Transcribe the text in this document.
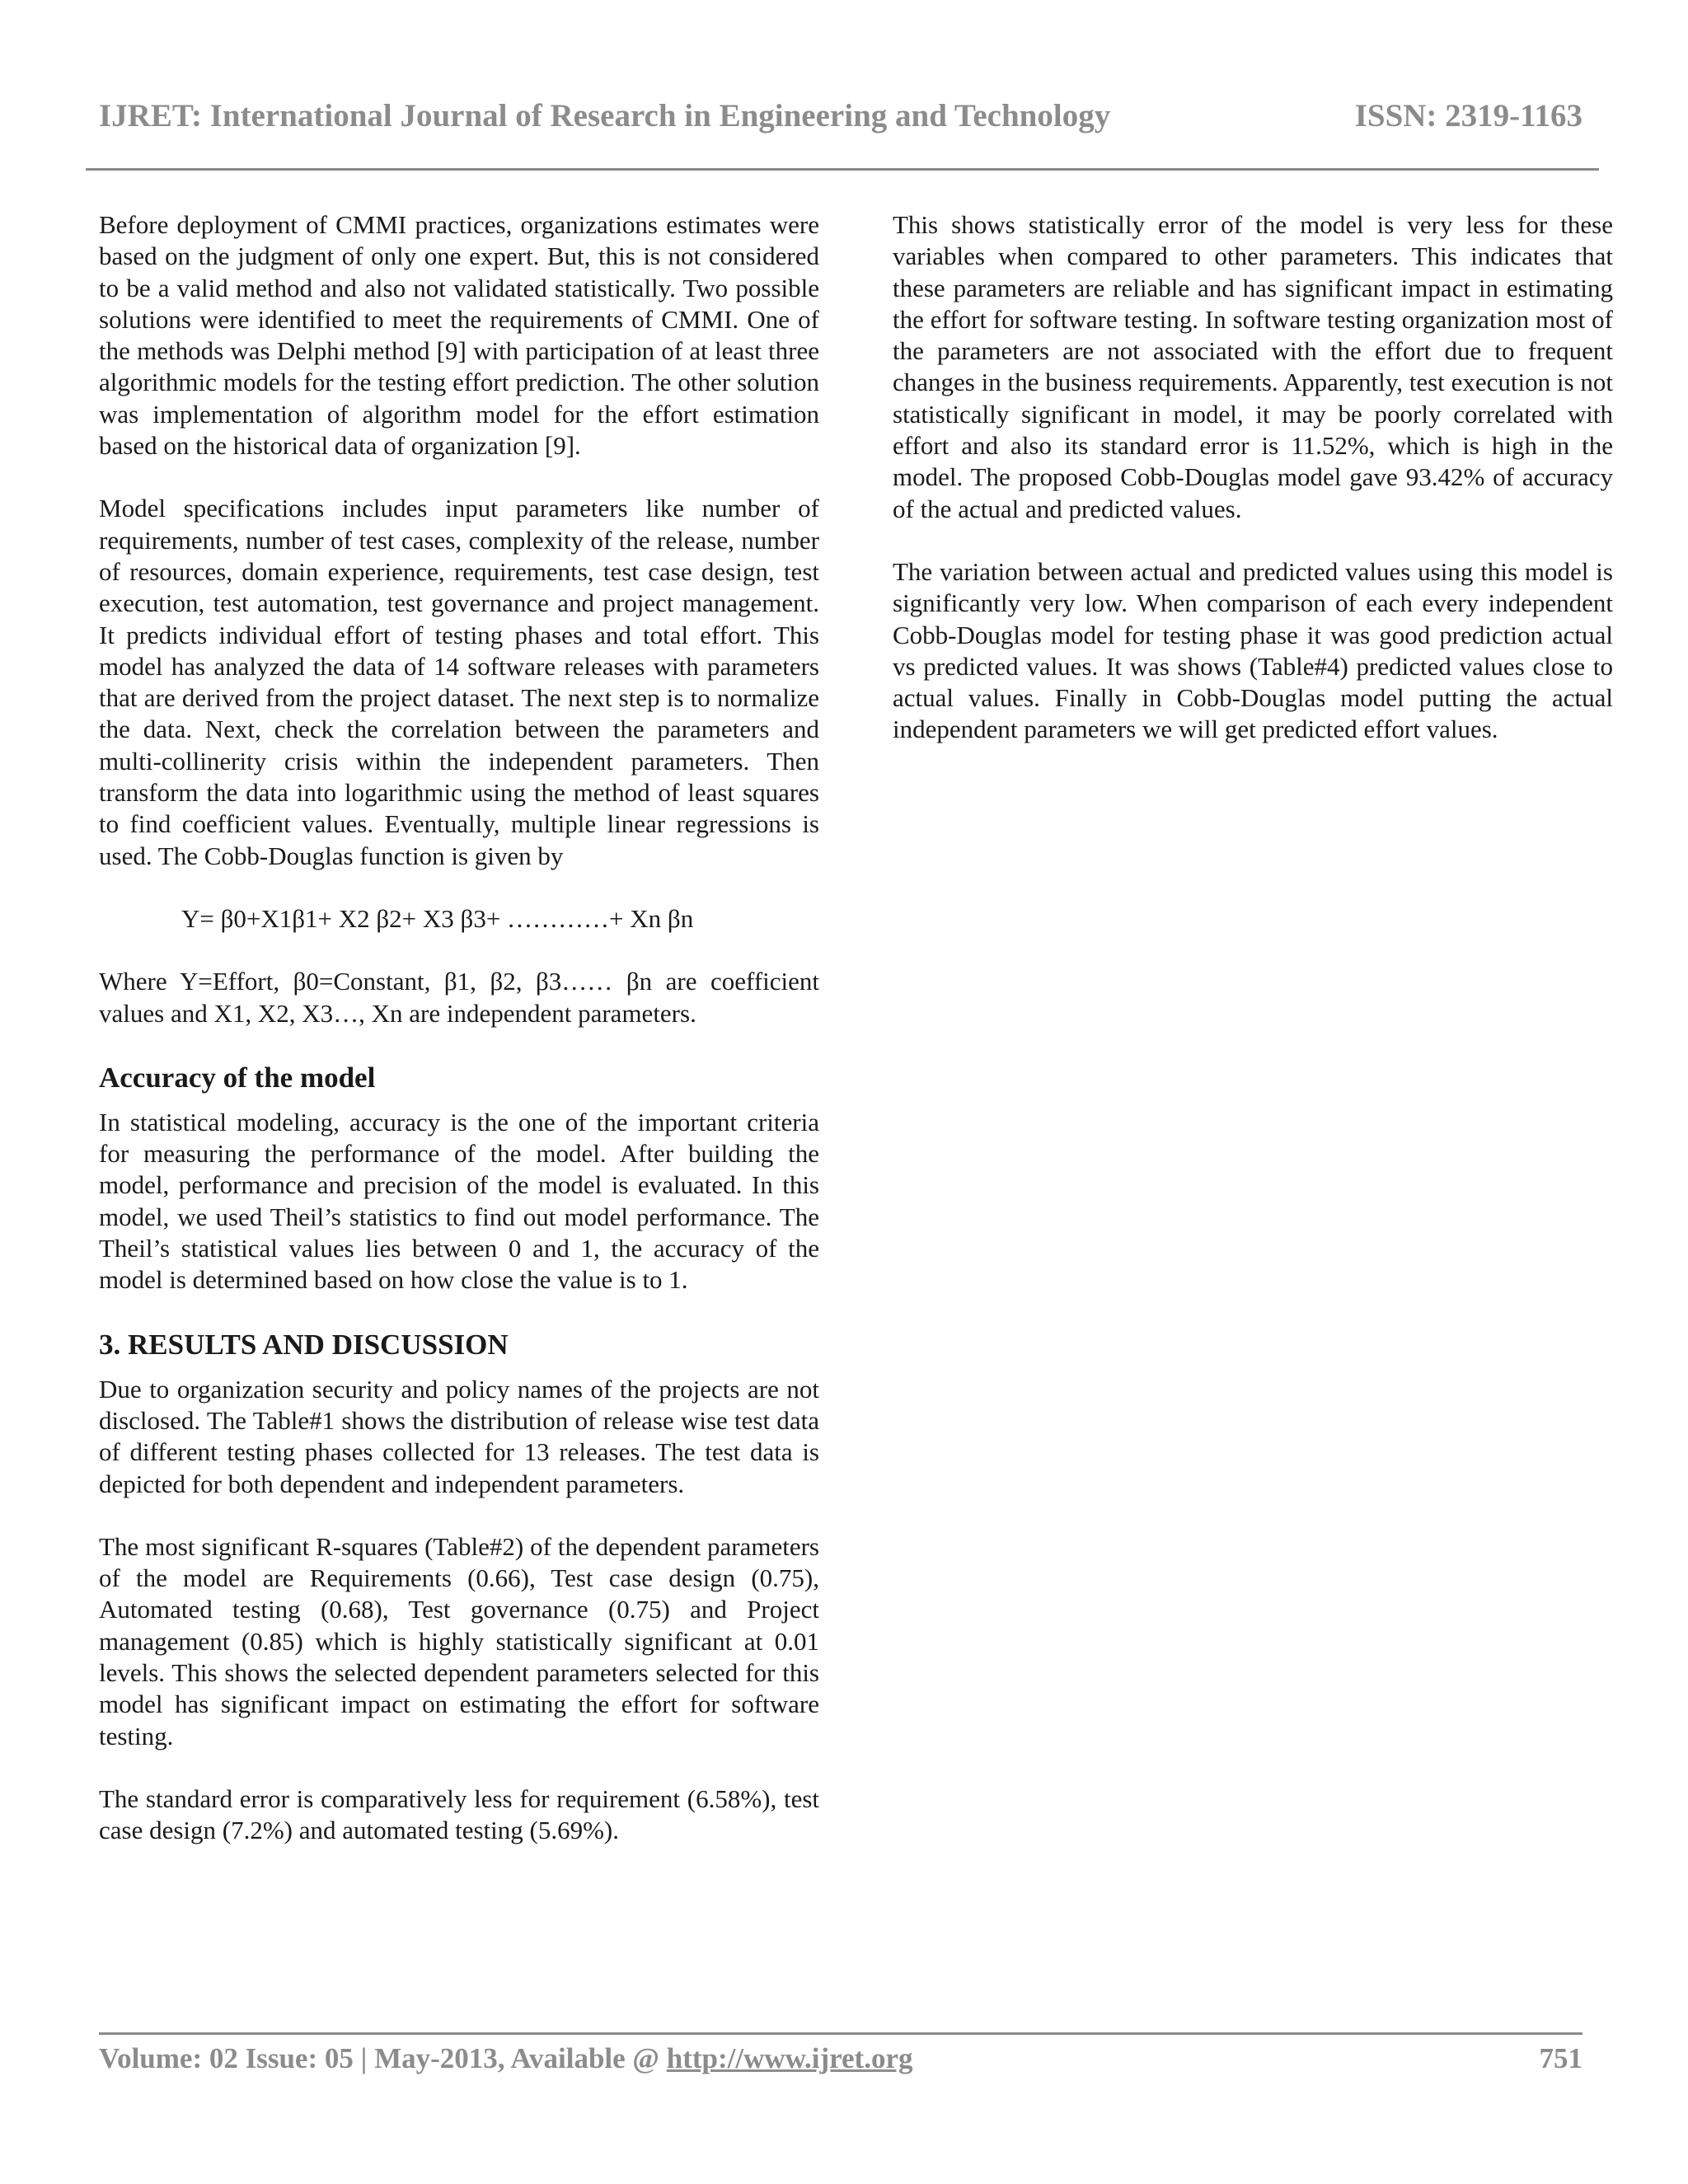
IJRET: International Journal of Research in Engineering and Technology	ISSN: 2319-1163

Before deployment of CMMI practices, organizations estimates were based on the judgment of only one expert. But, this is not considered to be a valid method and also not validated statistically. Two possible solutions were identified to meet the requirements of CMMI. One of the methods was Delphi method [9] with participation of at least three algorithmic models for the testing effort prediction. The other solution was implementation of algorithm model for the effort estimation based on the historical data of organization [9].

Model specifications includes input parameters like number of requirements, number of test cases, complexity of the release, number of resources, domain experience, requirements, test case design, test execution, test automation, test governance and project management. It predicts individual effort of testing phases and total effort. This model has analyzed the data of 14 software releases with parameters that are derived from the project dataset. The next step is to normalize the data. Next, check the correlation between the parameters and multi-collinerity crisis within the independent parameters. Then transform the data into logarithmic using the method of least squares to find coefficient values. Eventually, multiple linear regressions is used. The Cobb-Douglas function is given by

Y= β0+X1β1+ X2 β2+ X3 β3+ …………+ Xn βn

Where Y=Effort, β0=Constant, β1, β2, β3…… βn are coefficient values and X1, X2, X3…, Xn are independent parameters.

Accuracy of the model

In statistical modeling, accuracy is the one of the important criteria for measuring the performance of the model. After building the model, performance and precision of the model is evaluated. In this model, we used Theil’s statistics to find out model performance. The Theil’s statistical values lies between 0 and 1, the accuracy of the model is determined based on how close the value is to 1.

3. RESULTS AND DISCUSSION

Due to organization security and policy names of the projects are not disclosed. The Table#1 shows the distribution of release wise test data of different testing phases collected for 13 releases. The test data is depicted for both dependent and independent parameters.

The most significant R-squares (Table#2) of the dependent parameters of the model are Requirements (0.66), Test case design (0.75), Automated testing (0.68), Test governance (0.75) and Project management (0.85) which is highly statistically significant at 0.01 levels. This shows the selected dependent parameters selected for this model has significant impact on estimating the effort for software testing.

The standard error is comparatively less for requirement (6.58%), test case design (7.2%) and automated testing (5.69%).

This shows statistically error of the model is very less for these variables when compared to other parameters. This indicates that these parameters are reliable and has significant impact in estimating the effort for software testing. In software testing organization most of the parameters are not associated with the effort due to frequent changes in the business requirements. Apparently, test execution is not statistically significant in model, it may be poorly correlated with effort and also its standard error is 11.52%, which is high in the model. The proposed Cobb-Douglas model gave 93.42% of accuracy of the actual and predicted values.

The variation between actual and predicted values using this model is significantly very low. When comparison of each every independent Cobb-Douglas model for testing phase it was good prediction actual vs predicted values. It was shows (Table#4) predicted values close to actual values. Finally in Cobb-Douglas model putting the actual independent parameters we will get predicted effort values.

Volume: 02 Issue: 05 | May-2013, Available @ http://www.ijret.org	751
